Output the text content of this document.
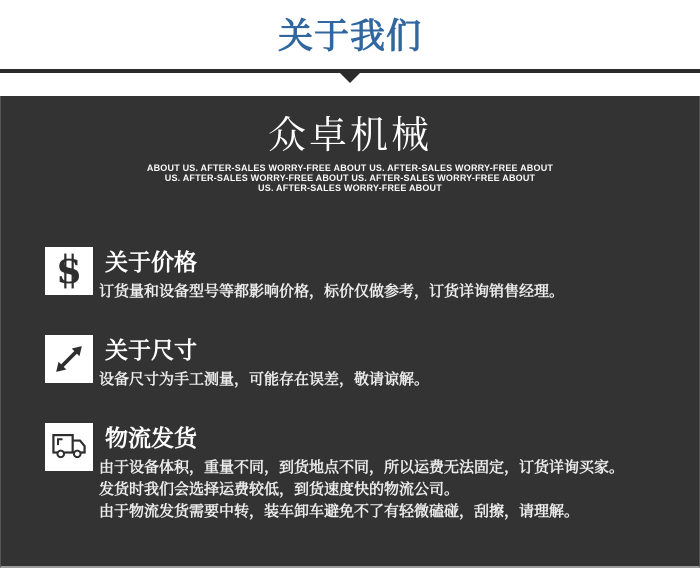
关于我们
众卓机械
ABOUT US. AFTER-SALES WORRY-FREE ABOUT US. AFTER-SALES WORRY-FREE ABOUT
US. AFTER-SALES WORRY-FREE ABOUT US. AFTER-SALES WORRY-FREE ABOUT
US. AFTER-SALES WORRY-FREE ABOUT
S 关于价格
订货量和设备型号等都影响价格，标价仅做参考，订货详询销售经理。
关于尺寸
设备尺寸为手工测量，可能存在误差，敬请谅解。
物流发货
由于设备体积，重量不同，到货地点不同，所以运费无法固定，订货详询买家。
发货时我们会选择运费较低，到货速度快的物流公司。
由于物流发货需要中转，装车卸车避免不了有轻微磕碰，刮擦，请理解。
